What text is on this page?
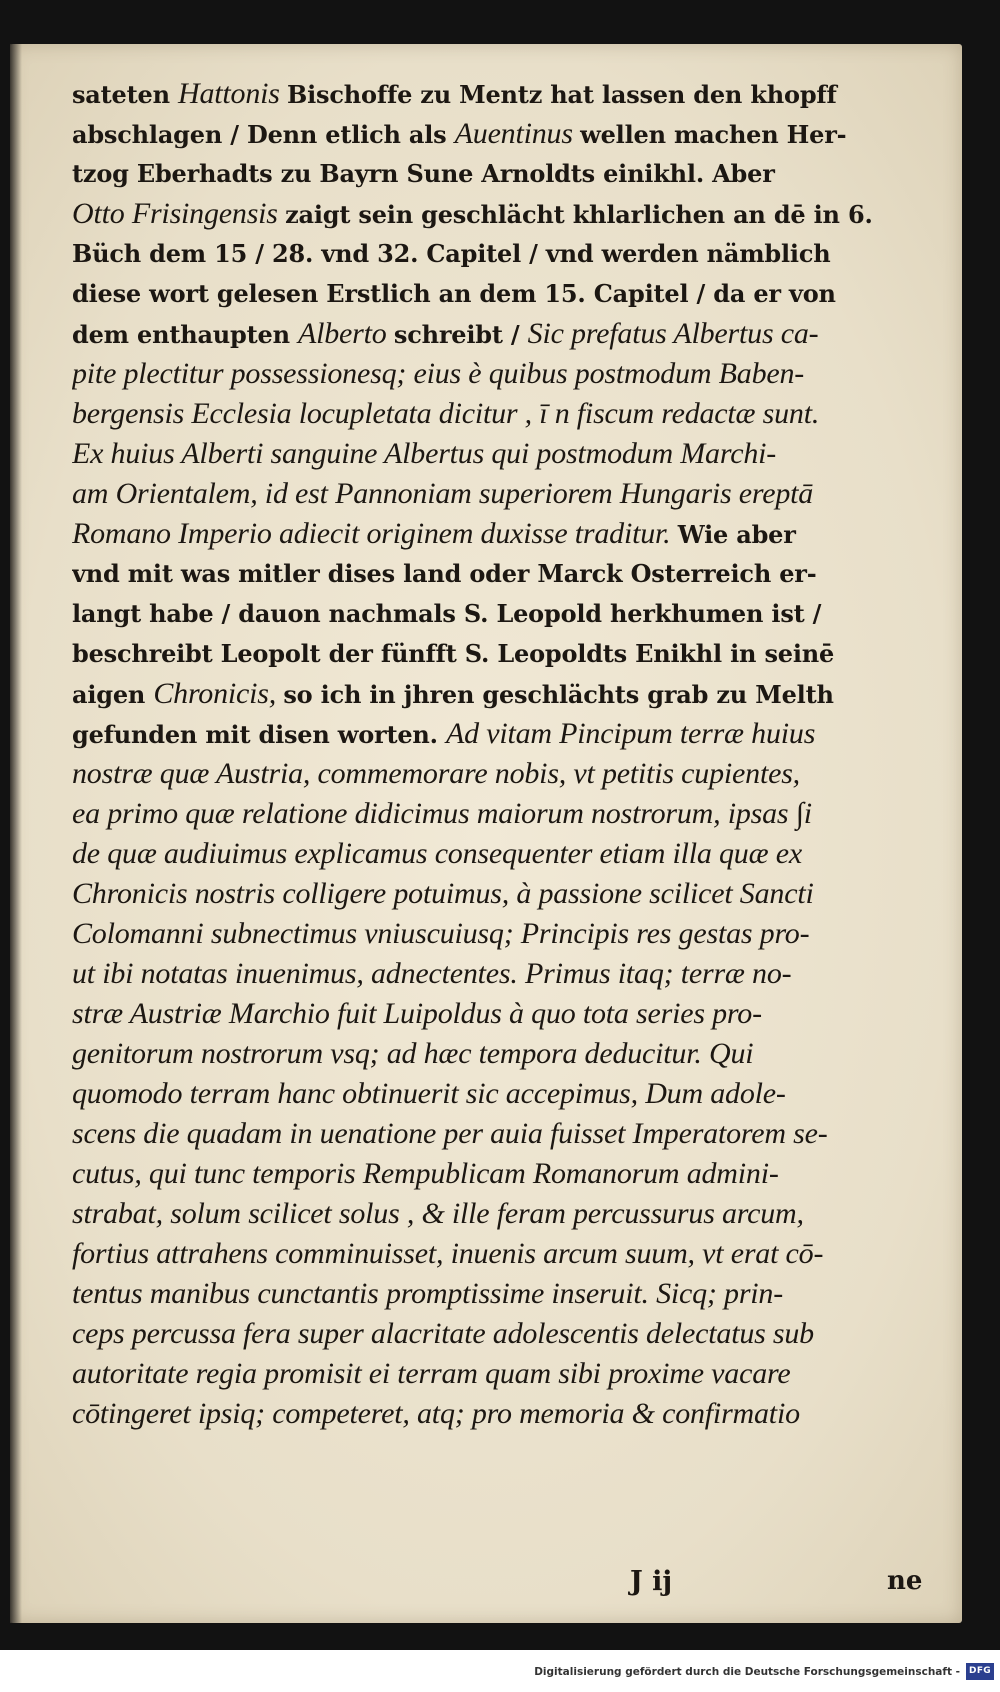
sateten Hattonis Bischoffe zu Mentz hat lassen den khopff
abschlagen / Denn etlich als Auentinus wellen machen Her-
tzog Eberhadts zu Bayrn Sune Arnoldts einikhl. Aber
Otto Frisingensis zaigt sein geschlächt khlarlichen an dē in 6.
Büch dem 15 / 28. vnd 32. Capitel / vnd werden nämblich
diese wort gelesen Erstlich an dem 15. Capitel / da er von
dem enthaupten Alberto schreibt / Sic prefatus Albertus ca-
pite plectitur possessionesq; eius è quibus postmodum Baben-
bergensis Ecclesia locupletata dicitur , ī n fiscum redactæ sunt.
Ex huius Alberti sanguine Albertus qui postmodum Marchi-
am Orientalem, id est Pannoniam superiorem Hungaris ereptā
Romano Imperio adiecit originem duxisse traditur. Wie aber
vnd mit was mitler dises land oder Marck Osterreich er-
langt habe / dauon nachmals S. Leopold herkhumen ist /
beschreibt Leopolt der fünfft S. Leopoldts Enikhl in seinē
aigen Chronicis, so ich in jhren geschlächts grab zu Melth
gefunden mit disen worten. Ad vitam Pincipum terræ huius
nostræ quæ Austria, commemorare nobis, vt petitis cupientes,
ea primo quæ relatione didicimus maiorum nostrorum, ipsas ∫i
de quæ audiuimus explicamus consequenter etiam illa quæ ex
Chronicis nostris colligere potuimus, à passione scilicet Sancti
Colomanni subnectimus vniuscuiusq; Principis res gestas pro-
ut ibi notatas inuenimus, adnectentes. Primus itaq; terræ no-
stræ Austriæ Marchio fuit Luipoldus à quo tota series pro-
genitorum nostrorum vsq; ad hæc tempora deducitur. Qui
quomodo terram hanc obtinuerit sic accepimus, Dum adole-
scens die quadam in uenatione per auia fuisset Imperatorem se-
cutus, qui tunc temporis Rempublicam Romanorum admini-
strabat, solum scilicet solus , & ille feram percussurus arcum,
fortius attrahens comminuisset, inuenis arcum suum, vt erat cō-
tentus manibus cunctantis promptissime inseruit. Sicq; prin-
ceps percussa fera super alacritate adolescentis delectatus sub
autoritate regia promisit ei terram quam sibi proxime vacare
cōtingeret ipsiq; competeret, atq; pro memoria & confirmatio
J ij	ne
Digitalisierung gefördert durch die Deutsche Forschungsgemeinschaft -	DFG
